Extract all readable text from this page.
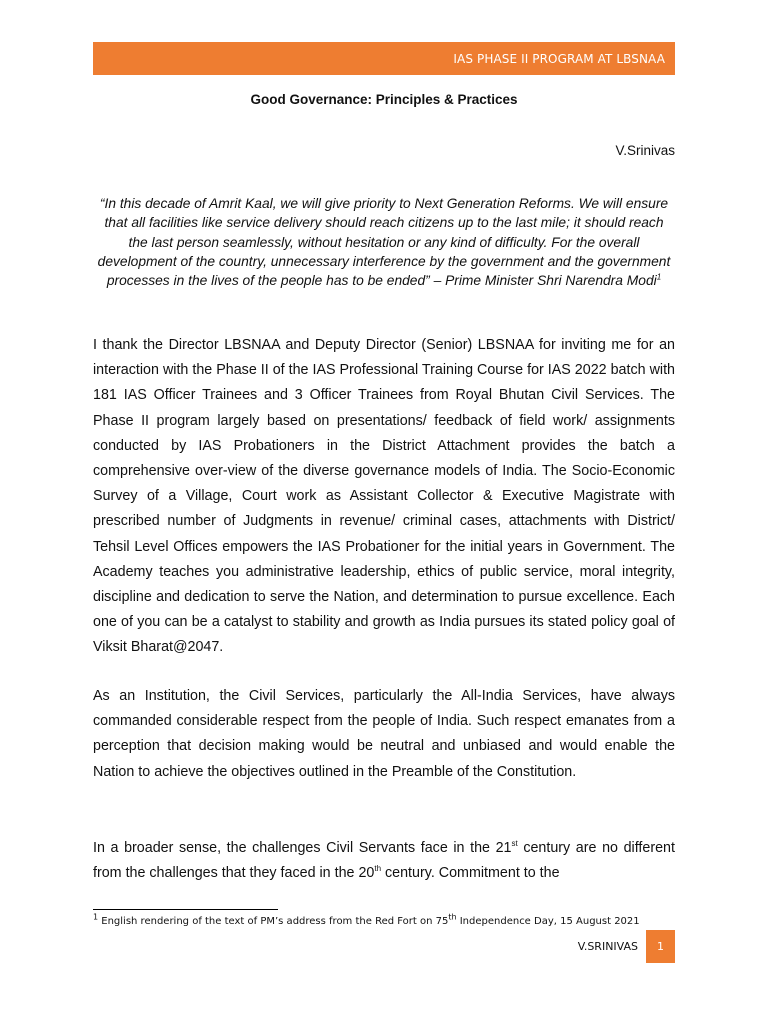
IAS PHASE II PROGRAM AT LBSNAA
Good Governance: Principles & Practices
V.Srinivas
“In this decade of Amrit Kaal, we will give priority to Next Generation Reforms. We will ensure that all facilities like service delivery should reach citizens up to the last mile; it should reach the last person seamlessly, without hesitation or any kind of difficulty. For the overall development of the country, unnecessary interference by the government and the government processes in the lives of the people has to be ended” – Prime Minister Shri Narendra Modi$^1$
I thank the Director LBSNAA and Deputy Director (Senior) LBSNAA for inviting me for an interaction with the Phase II of the IAS Professional Training Course for IAS 2022 batch with 181 IAS Officer Trainees and 3 Officer Trainees from Royal Bhutan Civil Services. The Phase II program largely based on presentations/ feedback of field work/ assignments conducted by IAS Probationers in the District Attachment provides the batch a comprehensive over-view of the diverse governance models of India. The Socio-Economic Survey of a Village, Court work as Assistant Collector & Executive Magistrate with prescribed number of Judgments in revenue/ criminal cases, attachments with District/ Tehsil Level Offices empowers the IAS Probationer for the initial years in Government. The Academy teaches you administrative leadership, ethics of public service, moral integrity, discipline and dedication to serve the Nation, and determination to pursue excellence. Each one of you can be a catalyst to stability and growth as India pursues its stated policy goal of Viksit Bharat@2047.
As an Institution, the Civil Services, particularly the All-India Services, have always commanded considerable respect from the people of India. Such respect emanates from a perception that decision making would be neutral and unbiased and would enable the Nation to achieve the objectives outlined in the Preamble of the Constitution.
In a broader sense, the challenges Civil Servants face in the 21st century are no different from the challenges that they faced in the 20th century. Commitment to the
$^1$ English rendering of the text of PM’s address from the Red Fort on 75th Independence Day, 15 August 2021
V.SRINIVAS 1
